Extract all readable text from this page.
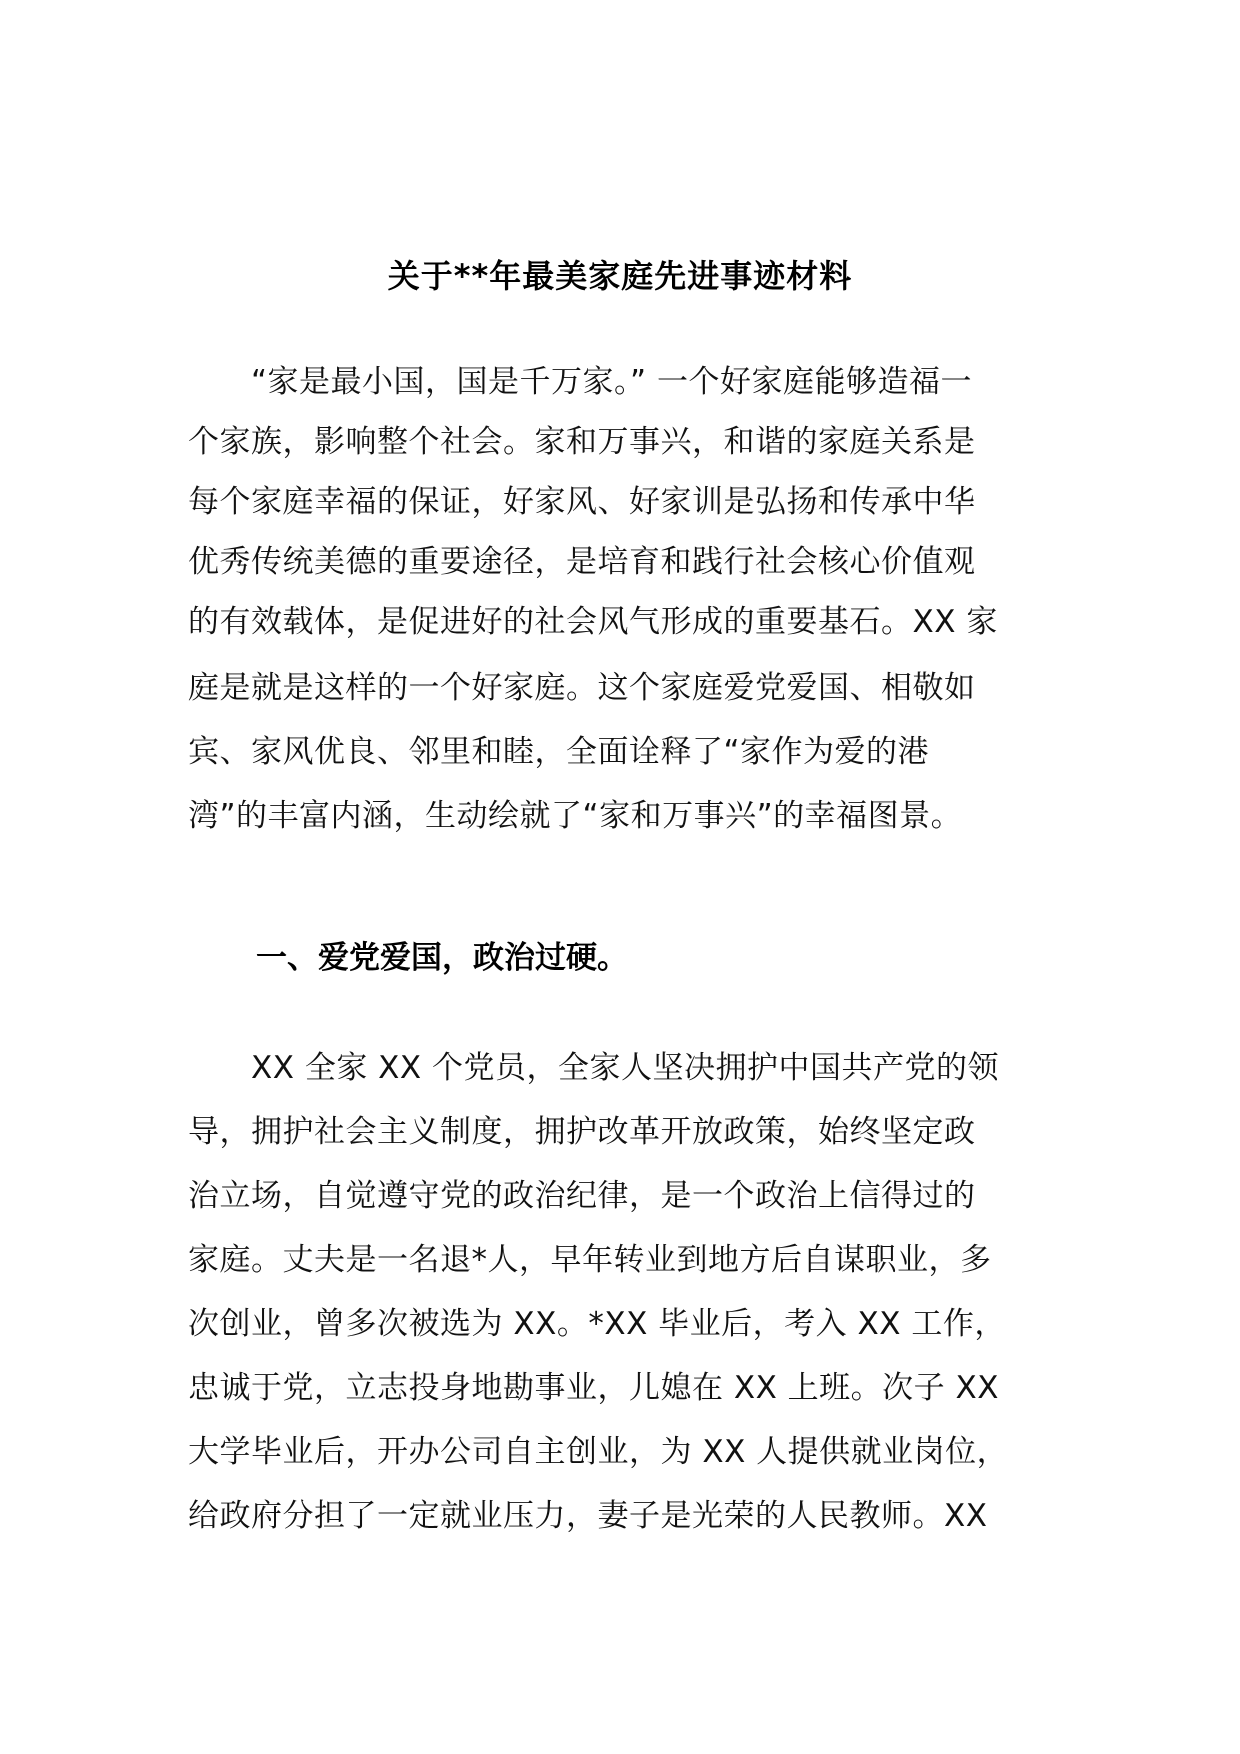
关于**年最美家庭先进事迹材料
　　“家是最小国，国是千万家。” 一个好家庭能够造福一
个家族，影响整个社会。家和万事兴，和谐的家庭关系是
每个家庭幸福的保证，好家风、好家训是弘扬和传承中华
优秀传统美德的重要途径，是培育和践行社会核心价值观
的有效载体，是促进好的社会风气形成的重要基石。XX 家
庭是就是这样的一个好家庭。这个家庭爱党爱国、相敬如
宾、家风优良、邻里和睦，全面诠释了“家作为爱的港
湾”的丰富内涵，生动绘就了“家和万事兴”的幸福图景。
一、爱党爱国，政治过硬。
　　XX 全家 XX 个党员，全家人坚决拥护中国共产党的领
导，拥护社会主义制度，拥护改革开放政策，始终坚定政
治立场，自觉遵守党的政治纪律，是一个政治上信得过的
家庭。丈夫是一名退*人，早年转业到地方后自谋职业，多
次创业，曾多次被选为 XX。*XX 毕业后，考入 XX 工作，
忠诚于党，立志投身地勘事业，儿媳在 XX 上班。次子 XX
大学毕业后，开办公司自主创业，为 XX 人提供就业岗位，
给政府分担了一定就业压力，妻子是光荣的人民教师。XX
